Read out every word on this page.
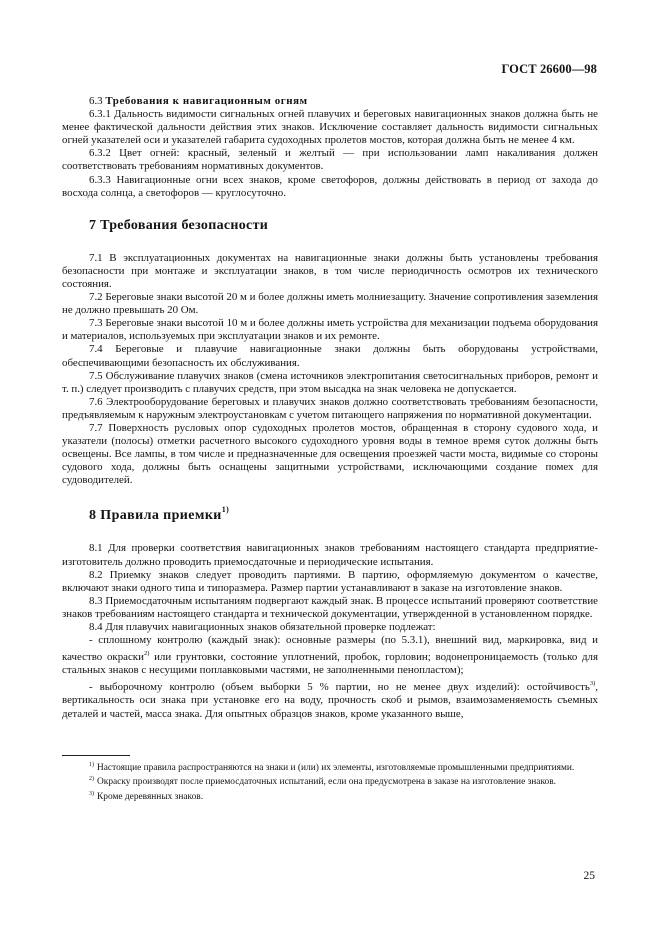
ГОСТ 26600—98

6.3 Требования к навигационным огням

6.3.1 Дальность видимости сигнальных огней плавучих и береговых навигационных знаков должна быть не менее фактической дальности действия этих знаков. Исключение составляет дальность видимости сигнальных огней указателей оси и указателей габарита судоходных пролетов мостов, которая должна быть не менее 4 км.

6.3.2 Цвет огней: красный, зеленый и желтый — при использовании ламп накаливания должен соответствовать требованиям нормативных документов.

6.3.3 Навигационные огни всех знаков, кроме светофоров, должны действовать в период от захода до восхода солнца, а светофоров — круглосуточно.

7 Требования безопасности

7.1 В эксплуатационных документах на навигационные знаки должны быть установлены требования безопасности при монтаже и эксплуатации знаков, в том числе периодичность осмотров их технического состояния.

7.2 Береговые знаки высотой 20 м и более должны иметь молниезащиту. Значение сопротивления заземления не должно превышать 20 Ом.

7.3 Береговые знаки высотой 10 м и более должны иметь устройства для механизации подъема оборудования и материалов, используемых при эксплуатации знаков и их ремонте.

7.4 Береговые и плавучие навигационные знаки должны быть оборудованы устройствами, обеспечивающими безопасность их обслуживания.

7.5 Обслуживание плавучих знаков (смена источников электропитания светосигнальных приборов, ремонт и т. п.) следует производить с плавучих средств, при этом высадка на знак человека не допускается.

7.6 Электрооборудование береговых и плавучих знаков должно соответствовать требованиям безопасности, предъявляемым к наружным электроустановкам с учетом питающего напряжения по нормативной документации.

7.7 Поверхность русловых опор судоходных пролетов мостов, обращенная в сторону судового хода, и указатели (полосы) отметки расчетного высокого судоходного уровня воды в темное время суток должны быть освещены. Все лампы, в том числе и предназначенные для освещения проезжей части моста, видимые со стороны судового хода, должны быть оснащены защитными устройствами, исключающими создание помех для судоводителей.

8 Правила приемки$^{1)}$

8.1 Для проверки соответствия навигационных знаков требованиям настоящего стандарта предприятие-изготовитель должно проводить приемосдаточные и периодические испытания.

8.2 Приемку знаков следует проводить партиями. В партию, оформляемую документом о качестве, включают знаки одного типа и типоразмера. Размер партии устанавливают в заказе на изготовление знаков.

8.3 Приемосдаточным испытаниям подвергают каждый знак. В процессе испытаний проверяют соответствие знаков требованиям настоящего стандарта и технической документации, утвержденной в установленном порядке.

8.4 Для плавучих навигационных знаков обязательной проверке подлежат:

- сплошному контролю (каждый знак): основные размеры (по 5.3.1), внешний вид, маркировка, вид и качество окраски$^{2)}$ или грунтовки, состояние уплотнений, пробок, горловин; водонепроницаемость (только для стальных знаков с несущими поплавковыми частями, не заполненными пенопластом);

- выборочному контролю (объем выборки 5 % партии, но не менее двух изделий): остойчивость$^{3)}$, вертикальность оси знака при установке его на воду, прочность скоб и рымов, взаимозаменяемость съемных деталей и частей, масса знака. Для опытных образцов знаков, кроме указанного выше,

$^{1)}$ Настоящие правила распространяются на знаки и (или) их элементы, изготовляемые промышленными предприятиями.

$^{2)}$ Окраску производят после приемосдаточных испытаний, если она предусмотрена в заказе на изготовление знаков.

$^{3)}$ Кроме деревянных знаков.

25
